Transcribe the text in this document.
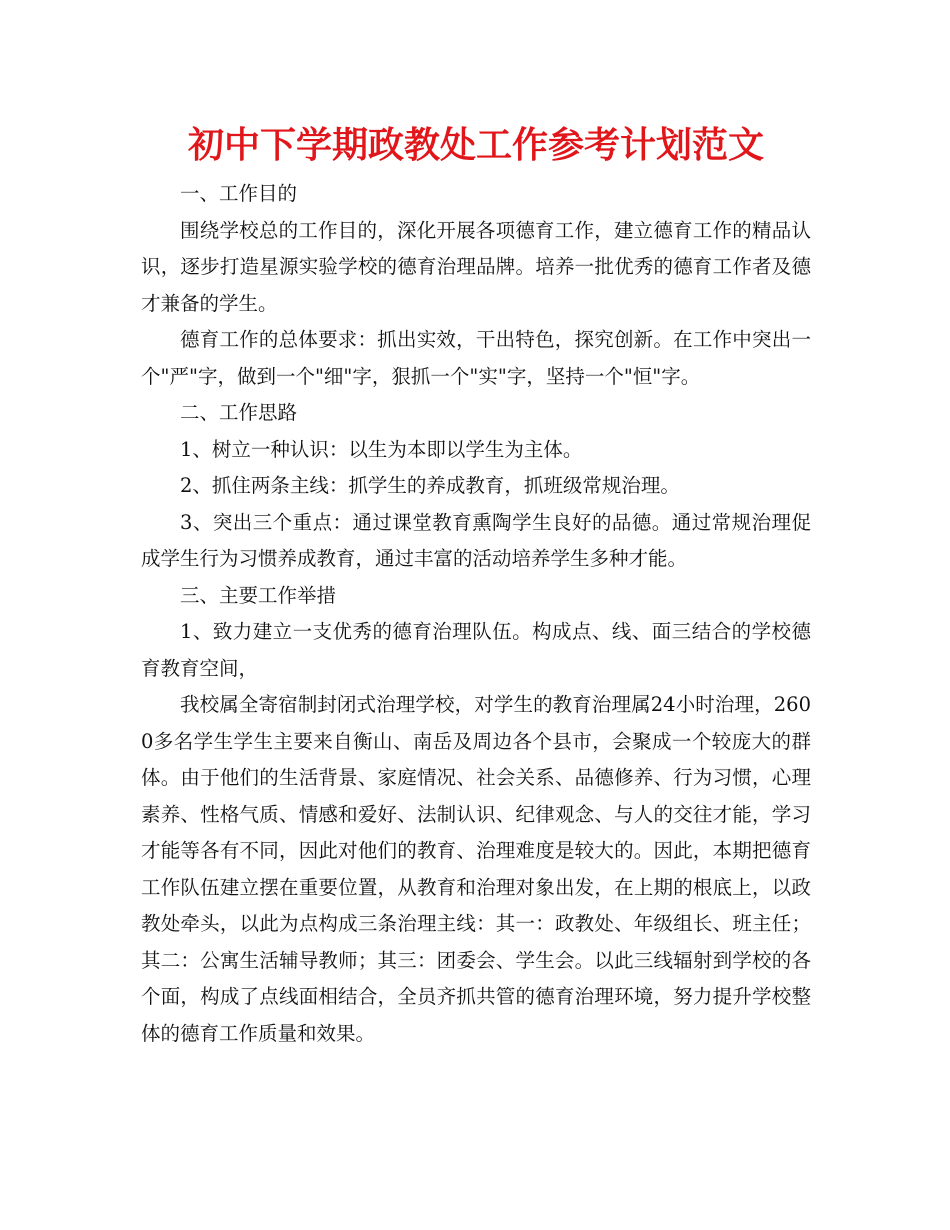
初中下学期政教处工作参考计划范文

一、工作目的

围绕学校总的工作目的，深化开展各项德育工作，建立德育工作的精品认识，逐步打造星源实验学校的德育治理品牌。培养一批优秀的德育工作者及德才兼备的学生。

德育工作的总体要求：抓出实效，干出特色，探究创新。在工作中突出一个"严"字，做到一个"细"字，狠抓一个"实"字，坚持一个"恒"字。

二、工作思路

1、树立一种认识：以生为本即以学生为主体。

2、抓住两条主线：抓学生的养成教育，抓班级常规治理。

3、突出三个重点：通过课堂教育熏陶学生良好的品德。通过常规治理促成学生行为习惯养成教育，通过丰富的活动培养学生多种才能。

三、主要工作举措

1、致力建立一支优秀的德育治理队伍。构成点、线、面三结合的学校德育教育空间，

我校属全寄宿制封闭式治理学校，对学生的教育治理属24小时治理，2600多名学生学生主要来自衡山、南岳及周边各个县市，会聚成一个较庞大的群体。由于他们的生活背景、家庭情况、社会关系、品德修养、行为习惯，心理素养、性格气质、情感和爱好、法制认识、纪律观念、与人的交往才能，学习才能等各有不同，因此对他们的教育、治理难度是较大的。因此，本期把德育工作队伍建立摆在重要位置，从教育和治理对象出发，在上期的根底上，以政教处牵头，以此为点构成三条治理主线：其一：政教处、年级组长、班主任；其二：公寓生活辅导教师；其三：团委会、学生会。以此三线辐射到学校的各个面，构成了点线面相结合，全员齐抓共管的德育治理环境，努力提升学校整体的德育工作质量和效果。
